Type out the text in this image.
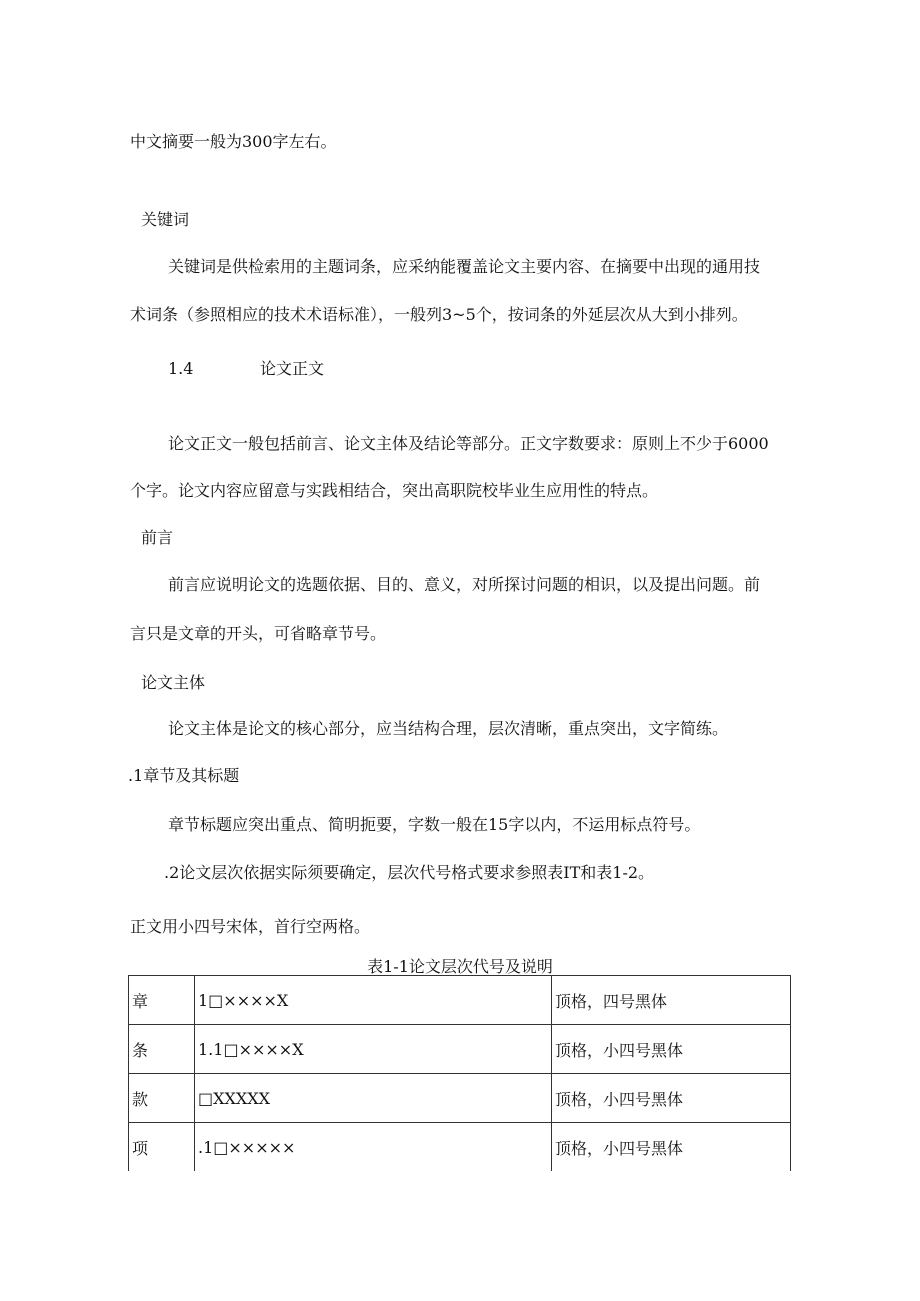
中文摘要一般为300字左右。

关键词

关键词是供检索用的主题词条，应采纳能覆盖论文主要内容、在摘要中出现的通用技

术词条（参照相应的技术术语标准），一般列3~5个，按词条的外延层次从大到小排列。

1.4	论文正文

论文正文一般包括前言、论文主体及结论等部分。正文字数要求：原则上不少于6000

个字。论文内容应留意与实践相结合，突出高职院校毕业生应用性的特点。

前言

前言应说明论文的选题依据、目的、意义，对所探讨问题的相识，以及提出问题。前

言只是文章的开头，可省略章节号。

论文主体

论文主体是论文的核心部分，应当结构合理，层次清晰，重点突出，文字简练。

.1章节及其标题

章节标题应突出重点、简明扼要，字数一般在15字以内，不运用标点符号。

.2论文层次依据实际须要确定，层次代号格式要求参照表IT和表1-2。

正文用小四号宋体，首行空两格。

表1-1论文层次代号及说明
章	1□××××X	顶格，四号黑体
条	1.1□××××X	顶格，小四号黑体
款	□XXXXX	顶格，小四号黑体
项	.1□×××××	顶格，小四号黑体
